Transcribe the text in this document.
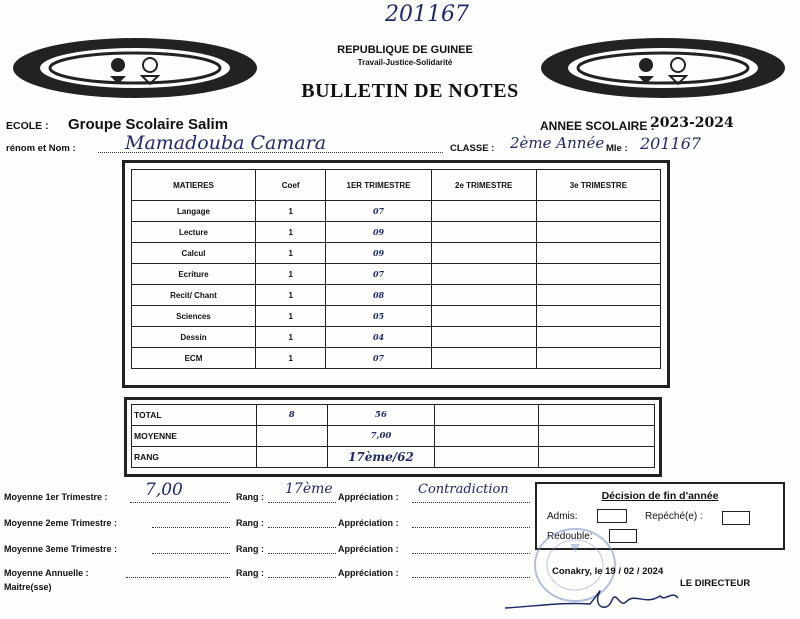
201167
REPUBLIQUE DE GUINEE
Travail-Justice-Solidarité
BULLETIN DE NOTES
ECOLE : Groupe Scolaire Salim	ANNEE SCOLAIRE :
2023-2024
rénom et Nom :	Mamadouba Camara	CLASSE : 2ème Année Mle : 201167
MATIERES	Coef	1ER TRIMESTRE	2e TRIMESTRE	3e TRIMESTRE
Langage	1	07		
Lecture	1	09		
Calcul	1	09		
Ecriture	1	07		
Recit/ Chant	1	08		
Sciences	1	05		
Dessin	1	04		
ECM	1	07		
TOTAL	8	56		
MOYENNE		7,00		
RANG		17ème/62		
Moyenne 1er Trimestre : 7,00	Rang : 17ème Appréciation : Contradiction
Moyenne 2eme Trimestre :	Rang :	Appréciation :
Moyenne 3eme Trimestre :	Rang :	Appréciation :
Moyenne Annuelle :	Rang :	Appréciation :
Maitre(sse)
Décision de fin d'année
Admis:	Repéché(e) :
Redouble:
Conakry, le 19 / 02 / 2024
LE DIRECTEUR
